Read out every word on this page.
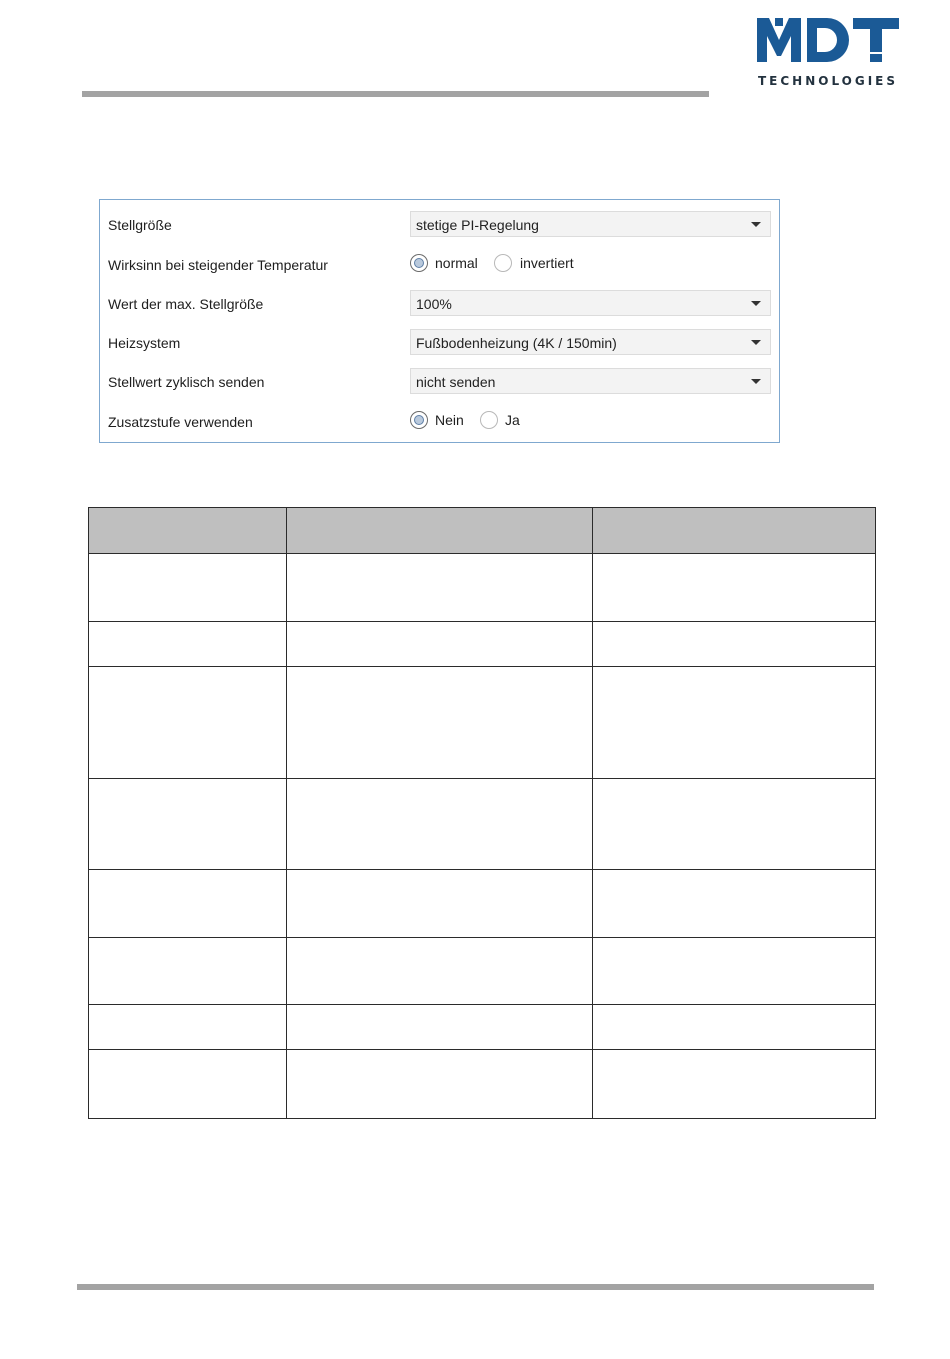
TECHNOLOGIES
Stellgröße	stetige PI-Regelung
Wirksinn bei steigender Temperatur	normal	invertiert
Wert der max. Stellgröße	100%
Heizsystem	Fußbodenheizung (4K / 150min)
Stellwert zyklisch senden	nicht senden
Zusatzstufe verwenden	Nein	Ja
